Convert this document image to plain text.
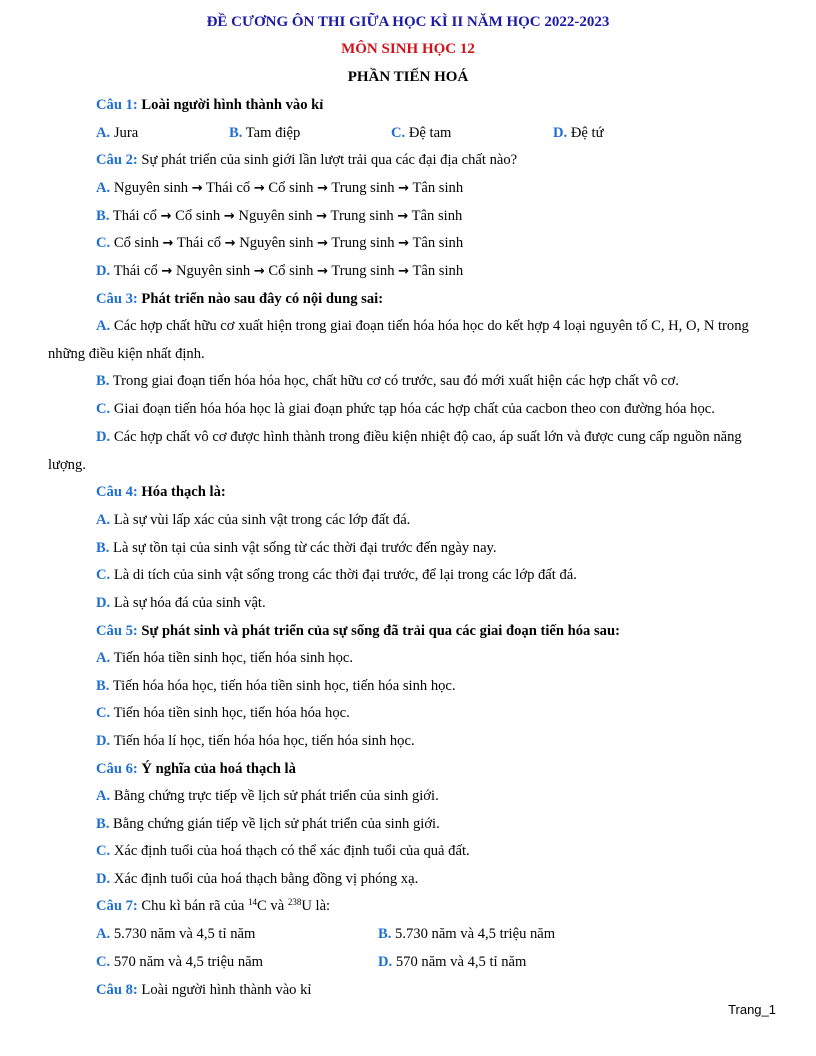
ĐỀ CƯƠNG ÔN THI GIỮA HỌC KÌ II NĂM HỌC 2022-2023
MÔN SINH HỌC 12
PHẦN TIẾN HOÁ
Câu 1: Loài người hình thành vào kỉ
A. Jura	B. Tam điệp	C. Đệ tam	D. Đệ tứ
Câu 2: Sự phát triển của sinh giới lần lượt trải qua các đại địa chất nào?
A. Nguyên sinh → Thái cổ → Cổ sinh → Trung sinh → Tân sinh
B. Thái cổ → Cổ sinh → Nguyên sinh → Trung sinh → Tân sinh
C. Cổ sinh → Thái cổ → Nguyên sinh → Trung sinh → Tân sinh
D. Thái cổ → Nguyên sinh → Cổ sinh → Trung sinh → Tân sinh
Câu 3: Phát triển nào sau đây có nội dung sai:
A. Các hợp chất hữu cơ xuất hiện trong giai đoạn tiến hóa hóa học do kết hợp 4 loại nguyên tố C, H, O, N trong những điều kiện nhất định.
B. Trong giai đoạn tiến hóa hóa học, chất hữu cơ có trước, sau đó mới xuất hiện các hợp chất vô cơ.
C. Giai đoạn tiến hóa hóa học là giai đoạn phức tạp hóa các hợp chất của cacbon theo con đường hóa học.
D. Các hợp chất vô cơ được hình thành trong điều kiện nhiệt độ cao, áp suất lớn và được cung cấp nguồn năng lượng.
Câu 4: Hóa thạch là:
A. Là sự vùi lấp xác của sinh vật trong các lớp đất đá.
B. Là sự tồn tại của sinh vật sống từ các thời đại trước đến ngày nay.
C. Là di tích của sinh vật sống trong các thời đại trước, để lại trong các lớp đất đá.
D. Là sự hóa đá của sinh vật.
Câu 5: Sự phát sinh và phát triển của sự sống đã trải qua các giai đoạn tiến hóa sau:
A. Tiến hóa tiền sinh học, tiến hóa sinh học.
B. Tiến hóa hóa học, tiến hóa tiền sinh học, tiến hóa sinh học.
C. Tiến hóa tiền sinh học, tiến hóa hóa học.
D. Tiến hóa lí học, tiến hóa hóa học, tiến hóa sinh học.
Câu 6: Ý nghĩa của hoá thạch là
A. Bằng chứng trực tiếp về lịch sử phát triển của sinh giới.
B. Bằng chứng gián tiếp về lịch sử phát triển của sinh giới.
C. Xác định tuổi của hoá thạch có thể xác định tuổi của quả đất.
D. Xác định tuổi của hoá thạch bằng đồng vị phóng xạ.
Câu 7: Chu kì bán rã của $^{14}$C và $^{238}$U là:
A. 5.730 năm và 4,5 tỉ năm	B. 5.730 năm và 4,5 triệu năm
C. 570 năm và 4,5 triệu năm	D. 570 năm và 4,5 tỉ năm
Câu 8: Loài người hình thành vào kỉ
Trang_1
